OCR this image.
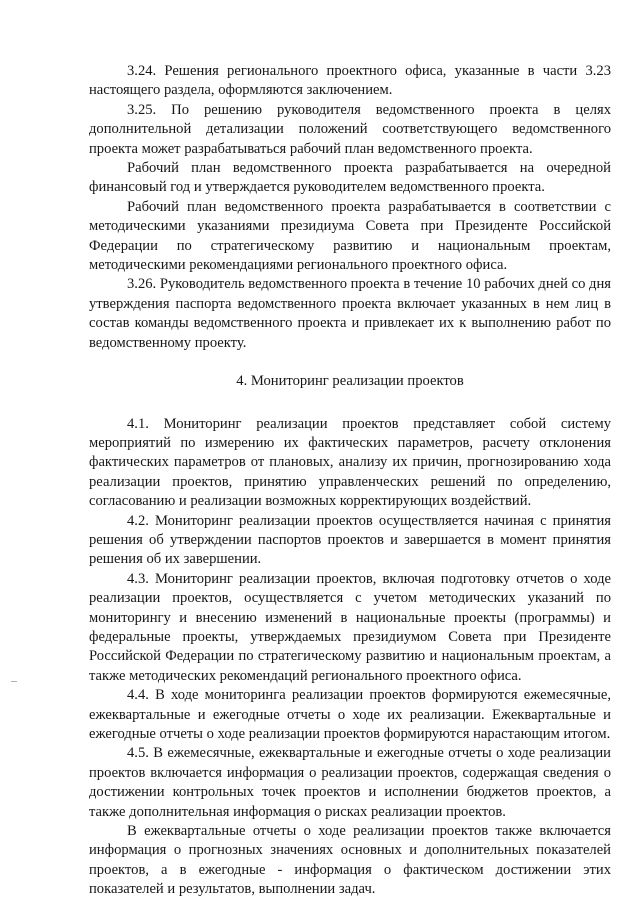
3.24. Решения регионального проектного офиса, указанные в части 3.23 настоящего раздела, оформляются заключением.

3.25. По решению руководителя ведомственного проекта в целях дополнительной детализации положений соответствующего ведомственного проекта может разрабатываться рабочий план ведомственного проекта.

Рабочий план ведомственного проекта разрабатывается на очередной финансовый год и утверждается руководителем ведомственного проекта.

Рабочий план ведомственного проекта разрабатывается в соответствии с методическими указаниями президиума Совета при Президенте Российской Федерации по стратегическому развитию и национальным проектам, методическими рекомендациями регионального проектного офиса.

3.26. Руководитель ведомственного проекта в течение 10 рабочих дней со дня утверждения паспорта ведомственного проекта включает указанных в нем лиц в состав команды ведомственного проекта и привлекает их к выполнению работ по ведомственному проекту.

4. Мониторинг реализации проектов

4.1. Мониторинг реализации проектов представляет собой систему мероприятий по измерению их фактических параметров, расчету отклонения фактических параметров от плановых, анализу их причин, прогнозированию хода реализации проектов, принятию управленческих решений по определению, согласованию и реализации возможных корректирующих воздействий.

4.2. Мониторинг реализации проектов осуществляется начиная с принятия решения об утверждении паспортов проектов и завершается в момент принятия решения об их завершении.

4.3. Мониторинг реализации проектов, включая подготовку отчетов о ходе реализации проектов, осуществляется с учетом методических указаний по мониторингу и внесению изменений в национальные проекты (программы) и федеральные проекты, утверждаемых президиумом Совета при Президенте Российской Федерации по стратегическому развитию и национальным проектам, а также методических рекомендаций регионального проектного офиса.

4.4. В ходе мониторинга реализации проектов формируются ежемесячные, ежеквартальные и ежегодные отчеты о ходе их реализации. Ежеквартальные и ежегодные отчеты о ходе реализации проектов формируются нарастающим итогом.

4.5. В ежемесячные, ежеквартальные и ежегодные отчеты о ходе реализации проектов включается информация о реализации проектов, содержащая сведения о достижении контрольных точек проектов и исполнении бюджетов проектов, а также дополнительная информация о рисках реализации проектов.

В ежеквартальные отчеты о ходе реализации проектов также включается информация о прогнозных значениях основных и дополнительных показателей проектов, а в ежегодные - информация о фактическом достижении этих показателей и результатов, выполнении задач.
